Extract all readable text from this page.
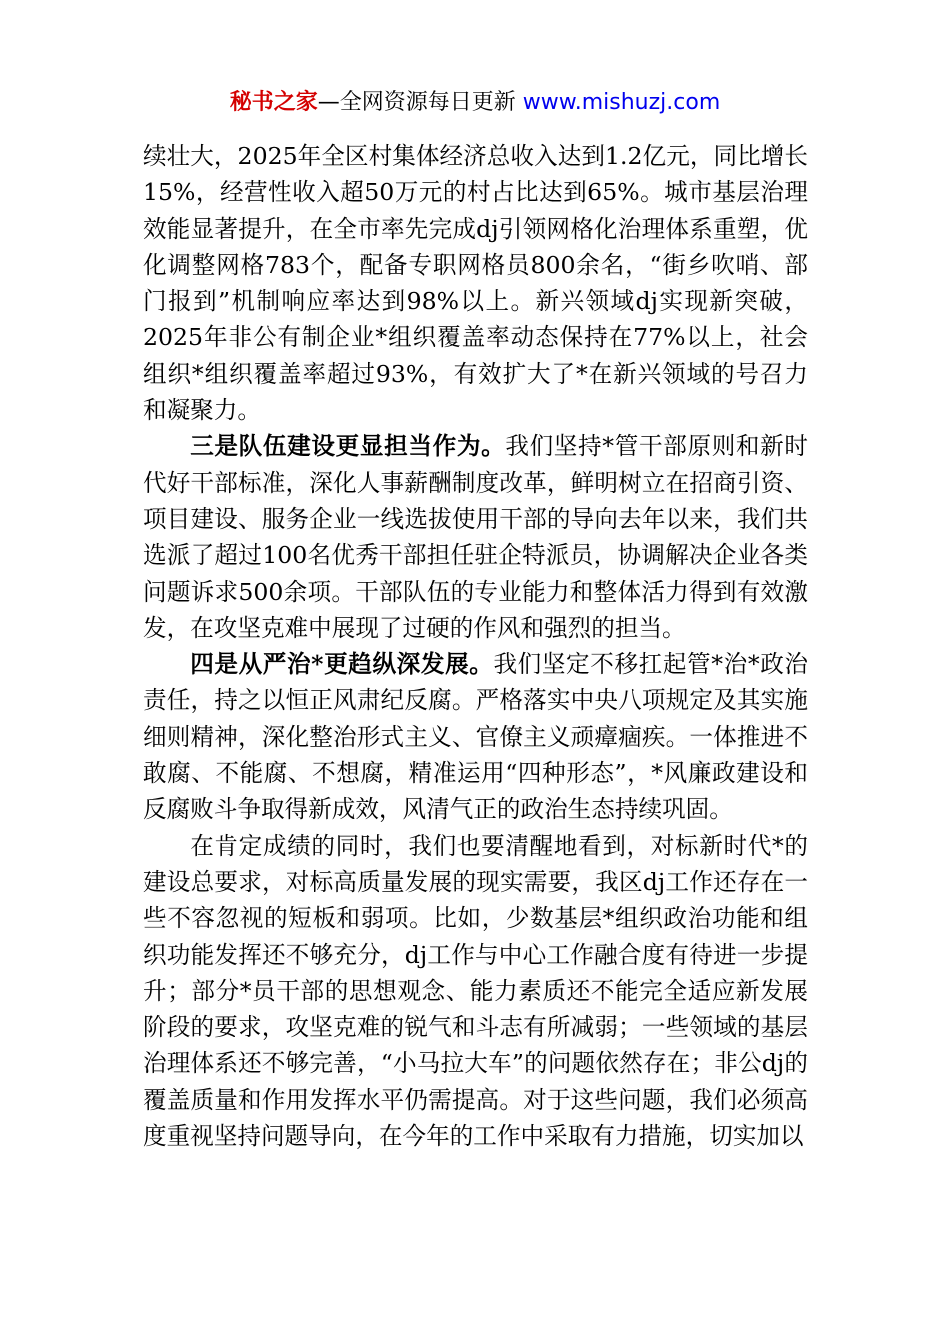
秘书之家—全网资源每日更新 www.mishuzj.com

续壮大，2025年全区村集体经济总收入达到1.2亿元，同比增长15%，经营性收入超50万元的村占比达到65%。城市基层治理效能显著提升，在全市率先完成dj引领网格化治理体系重塑，优化调整网格783个，配备专职网格员800余名，“街乡吹哨、部门报到”机制响应率达到98%以上。新兴领域dj实现新突破，2025年非公有制企业*组织覆盖率动态保持在77%以上，社会组织*组织覆盖率超过93%，有效扩大了*在新兴领域的号召力和凝聚力。

三是队伍建设更显担当作为。我们坚持*管干部原则和新时代好干部标准，深化人事薪酬制度改革，鲜明树立在招商引资、项目建设、服务企业一线选拔使用干部的导向去年以来，我们共选派了超过100名优秀干部担任驻企特派员，协调解决企业各类问题诉求500余项。干部队伍的专业能力和整体活力得到有效激发，在攻坚克难中展现了过硬的作风和强烈的担当。

四是从严治*更趋纵深发展。我们坚定不移扛起管*治*政治责任，持之以恒正风肃纪反腐。严格落实中央八项规定及其实施细则精神，深化整治形式主义、官僚主义顽瘴痼疾。一体推进不敢腐、不能腐、不想腐，精准运用“四种形态”，*风廉政建设和反腐败斗争取得新成效，风清气正的政治生态持续巩固。

在肯定成绩的同时，我们也要清醒地看到，对标新时代*的建设总要求，对标高质量发展的现实需要，我区dj工作还存在一些不容忽视的短板和弱项。比如，少数基层*组织政治功能和组织功能发挥还不够充分，dj工作与中心工作融合度有待进一步提升；部分*员干部的思想观念、能力素质还不能完全适应新发展阶段的要求，攻坚克难的锐气和斗志有所减弱；一些领域的基层治理体系还不够完善，“小马拉大车”的问题依然存在；非公dj的覆盖质量和作用发挥水平仍需提高。对于这些问题，我们必须高度重视坚持问题导向，在今年的工作中采取有力措施，切实加以
